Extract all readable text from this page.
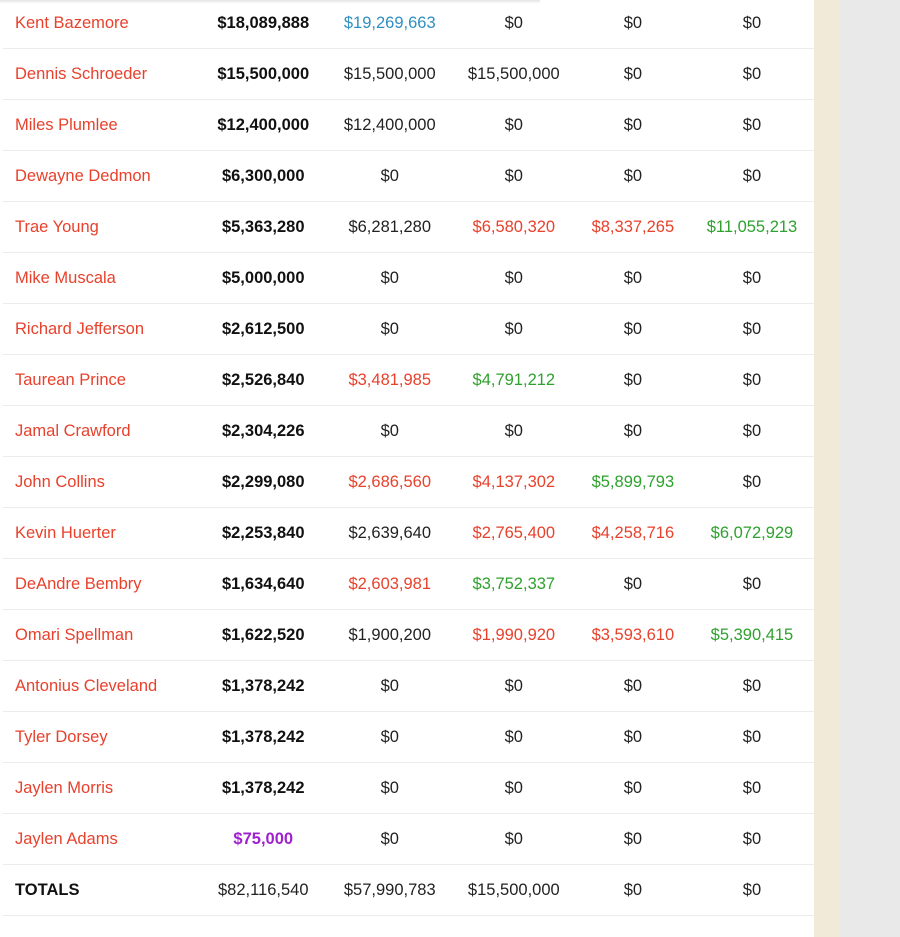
Kent Bazemore	$18,089,888	$19,269,663	$0	$0	$0
Dennis Schroeder	$15,500,000	$15,500,000	$15,500,000	$0	$0
Miles Plumlee	$12,400,000	$12,400,000	$0	$0	$0
Dewayne Dedmon	$6,300,000	$0	$0	$0	$0
Trae Young	$5,363,280	$6,281,280	$6,580,320	$8,337,265	$11,055,213
Mike Muscala	$5,000,000	$0	$0	$0	$0
Richard Jefferson	$2,612,500	$0	$0	$0	$0
Taurean Prince	$2,526,840	$3,481,985	$4,791,212	$0	$0
Jamal Crawford	$2,304,226	$0	$0	$0	$0
John Collins	$2,299,080	$2,686,560	$4,137,302	$5,899,793	$0
Kevin Huerter	$2,253,840	$2,639,640	$2,765,400	$4,258,716	$6,072,929
DeAndre Bembry	$1,634,640	$2,603,981	$3,752,337	$0	$0
Omari Spellman	$1,622,520	$1,900,200	$1,990,920	$3,593,610	$5,390,415
Antonius Cleveland	$1,378,242	$0	$0	$0	$0
Tyler Dorsey	$1,378,242	$0	$0	$0	$0
Jaylen Morris	$1,378,242	$0	$0	$0	$0
Jaylen Adams	$75,000	$0	$0	$0	$0
TOTALS	$82,116,540	$57,990,783	$15,500,000	$0	$0
